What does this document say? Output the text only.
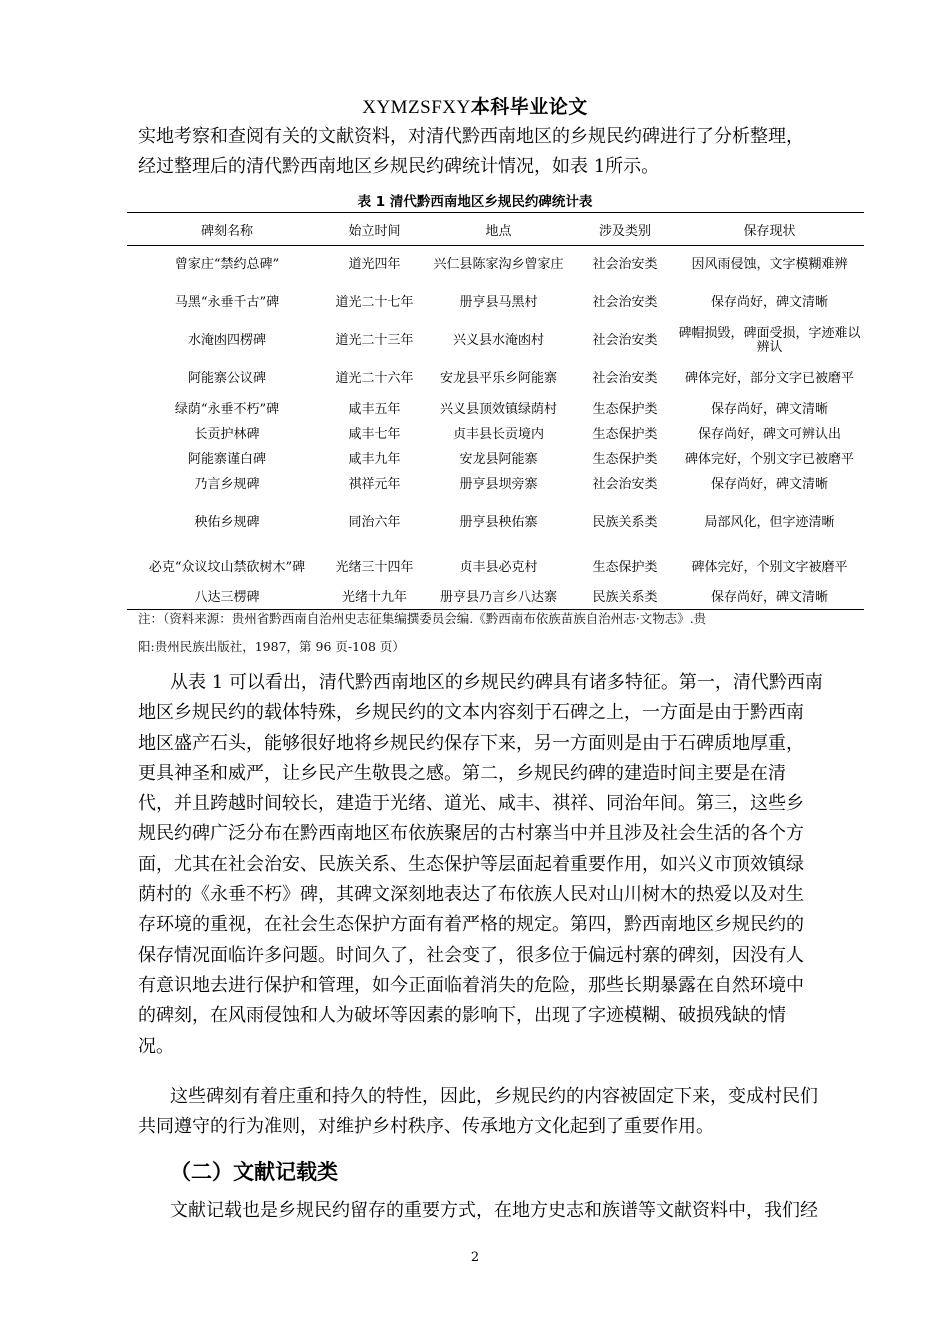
XYMZSFXY本科毕业论文
实地考察和查阅有关的文献资料，对清代黔西南地区的乡规民约碑进行了分析整理，
经过整理后的清代黔西南地区乡规民约碑统计情况，如表 1所示。
表 1 清代黔西南地区乡规民约碑统计表
碑刻名称	始立时间	地点	涉及类别	保存现状
曾家庄“禁约总碑”	道光四年	兴仁县陈家沟乡曾家庄	社会治安类	因风雨侵蚀，文字模糊难辨
马黑“永垂千古”碑	道光二十七年	册亨县马黑村	社会治安类	保存尚好，碑文清晰
水淹凼四楞碑	道光二十三年	兴义县水淹凼村	社会治安类	碑帽损毁，碑面受损，字迹难以辨认
阿能寨公议碑	道光二十六年	安龙县平乐乡阿能寨	社会治安类	碑体完好，部分文字已被磨平
绿荫“永垂不朽”碑	咸丰五年	兴义县顶效镇绿荫村	生态保护类	保存尚好，碑文清晰
长贡护林碑	咸丰七年	贞丰县长贡境内	生态保护类	保存尚好，碑文可辨认出
阿能寨谨白碑	咸丰九年	安龙县阿能寨	生态保护类	碑体完好，个别文字已被磨平
乃言乡规碑	祺祥元年	册亨县坝旁寨	社会治安类	保存尚好，碑文清晰
秧佑乡规碑	同治六年	册亨县秧佑寨	民族关系类	局部风化，但字迹清晰
必克“众议坟山禁砍树木”碑	光绪三十四年	贞丰县必克村	生态保护类	碑体完好，个别文字被磨平
八达三楞碑	光绪十九年	册亨县乃言乡八达寨	民族关系类	保存尚好，碑文清晰
注：（资料来源：贵州省黔西南自治州史志征集编撰委员会编.《黔西南布依族苗族自治州志·文物志》.贵
阳:贵州民族出版社，1987，第 96 页-108 页）
从表 1 可以看出，清代黔西南地区的乡规民约碑具有诸多特征。第一，清代黔西南
地区乡规民约的载体特殊，乡规民约的文本内容刻于石碑之上，一方面是由于黔西南
地区盛产石头，能够很好地将乡规民约保存下来，另一方面则是由于石碑质地厚重，
更具神圣和威严，让乡民产生敬畏之感。第二，乡规民约碑的建造时间主要是在清
代，并且跨越时间较长，建造于光绪、道光、咸丰、祺祥、同治年间。第三，这些乡
规民约碑广泛分布在黔西南地区布依族聚居的古村寨当中并且涉及社会生活的各个方
面，尤其在社会治安、民族关系、生态保护等层面起着重要作用，如兴义市顶效镇绿
荫村的《永垂不朽》碑，其碑文深刻地表达了布依族人民对山川树木的热爱以及对生
存环境的重视，在社会生态保护方面有着严格的规定。第四，黔西南地区乡规民约的
保存情况面临许多问题。时间久了，社会变了，很多位于偏远村寨的碑刻，因没有人
有意识地去进行保护和管理，如今正面临着消失的危险，那些长期暴露在自然环境中
的碑刻，在风雨侵蚀和人为破坏等因素的影响下，出现了字迹模糊、破损残缺的情
况。
这些碑刻有着庄重和持久的特性，因此，乡规民约的内容被固定下来，变成村民们
共同遵守的行为准则，对维护乡村秩序、传承地方文化起到了重要作用。
（二）文献记载类
文献记载也是乡规民约留存的重要方式，在地方史志和族谱等文献资料中，我们经
2
